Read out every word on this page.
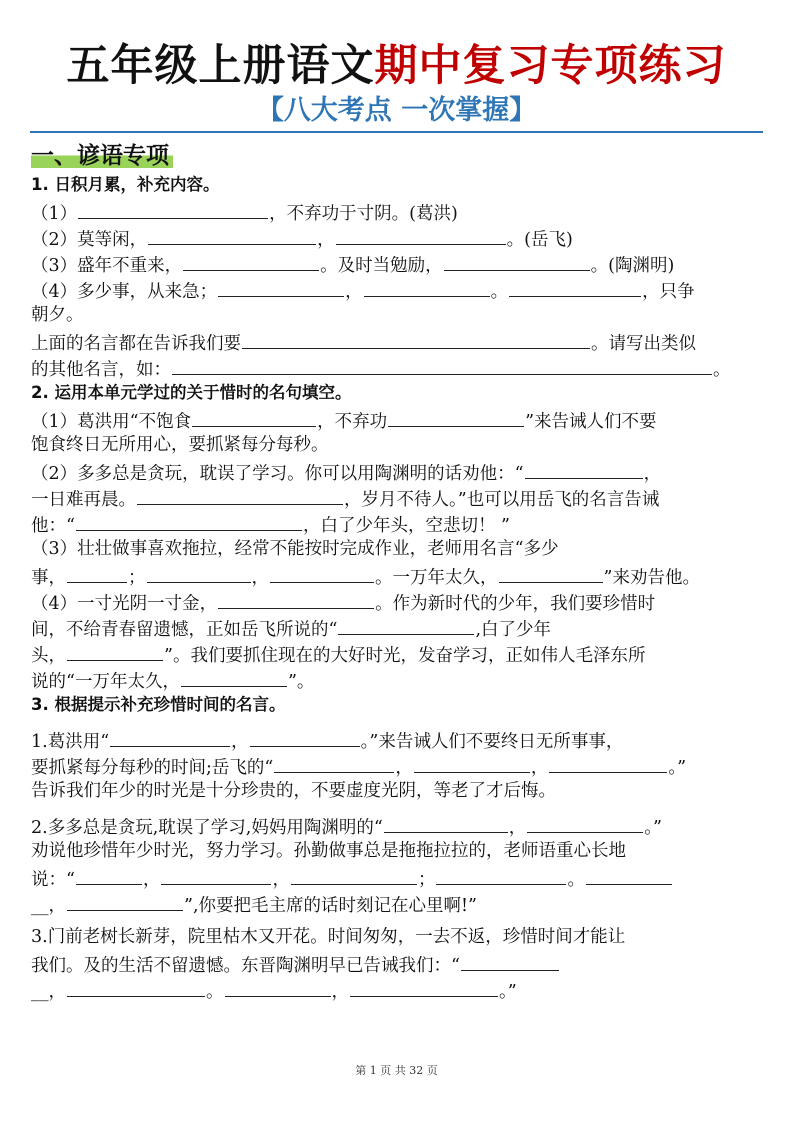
五年级上册语文期中复习专项练习
【八大考点 一次掌握】
一、谚语专项
1. 日积月累，补充内容。
（1）	，不弃功于寸阴。(葛洪)
（2）莫等闲，	，	。(岳飞)
（3）盛年不重来，	。及时当勉励，	。(陶渊明)
（4）多少事，从来急；	，	。	，只争
朝夕。
上面的名言都在告诉我们要	。请写出类似
的其他名言，如：	。
2. 运用本单元学过的关于惜时的名句填空。
（1）葛洪用“不饱食	，不弃功	”来告诫人们不要
饱食终日无所用心，要抓紧每分每秒。
（2）多多总是贪玩，耽误了学习。你可以用陶渊明的话劝他：“	，
一日难再晨。	，岁月不待人。”也可以用岳飞的名言告诫
他：“	，白了少年头，空悲切！ ”
（3）壮壮做事喜欢拖拉，经常不能按时完成作业，老师用名言“多少
事，	；	，	。一万年太久，	”来劝告他。
（4）一寸光阴一寸金，	。作为新时代的少年，我们要珍惜时
间，不给青春留遗憾，正如岳飞所说的“	,白了少年
头，	”。我们要抓住现在的大好时光，发奋学习，正如伟人毛泽东所
说的“一万年太久，	”。
3. 根据提示补充珍惜时间的名言。
1.葛洪用“	，	。”来告诫人们不要终日无所事事，
要抓紧每分每秒的时间;岳飞的“	，	，	。”
告诉我们年少的时光是十分珍贵的，不要虚度光阴，等老了才后悔。
2.多多总是贪玩,耽误了学习,妈妈用陶渊明的“	，	。”
劝说他珍惜年少时光，努力学习。孙勤做事总是拖拖拉拉的，老师语重心长地
说：“	，	，	；	。
__，	”,你要把毛主席的话时刻记在心里啊!”
3.门前老树长新芽，院里枯木又开花。时间匆匆，一去不返，珍惜时间才能让
我们。及的生活不留遗憾。东晋陶渊明早已告诫我们：“
__，	。	，	。”
第 1 页 共 32 页
